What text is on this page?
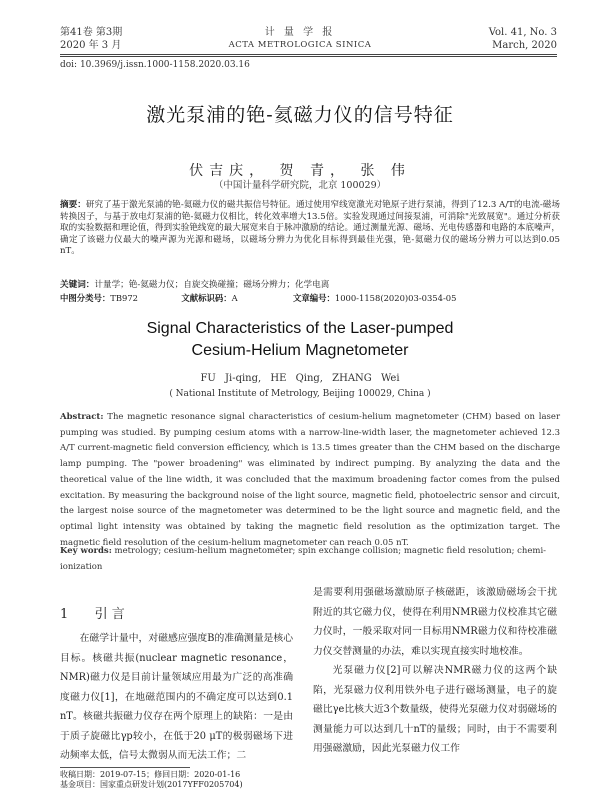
第41卷 第3期
2020 年 3 月
计 量 学 报
ACTA METROLOGICA SINICA
Vol. 41, No. 3
March, 2020
doi: 10.3969/j.issn.1000-1158.2020.03.16
激光泵浦的铯-氦磁力仪的信号特征
伏吉庆， 贺 青， 张 伟
（中国计量科学研究院，北京 100029）
摘要：研究了基于激光泵浦的铯-氦磁力仪的磁共振信号特征。通过使用窄线宽激光对铯原子进行泵浦，得到了12.3 A/T的电流-磁场转换因子，与基于放电灯泵浦的铯-氦磁力仪相比，转化效率增大13.5倍。实验发现通过间接泵浦，可消除"光致展宽"。通过分析获取的实验数据和理论值，得到实验铯线宽的最大展宽来自于脉冲激励的结论。通过测量光源、磁场、光电传感器和电路的本底噪声，确定了该磁力仪最大的噪声源为光源和磁场，以磁场分辨力为优化目标得到最佳光强，铯-氦磁力仪的磁场分辨力可以达到0.05 nT。
关键词：计量学；铯-氦磁力仪；自旋交换碰撞；磁场分辨力；化学电离
中图分类号：TB972	文献标识码：A	文章编号：1000-1158(2020)03-0354-05
Signal Characteristics of the Laser-pumped Cesium-Helium Magnetometer
FU Ji-qing, HE Qing, ZHANG Wei
( National Institute of Metrology, Beijing 100029, China )
Abstract: The magnetic resonance signal characteristics of cesium-helium magnetometer (CHM) based on laser pumping was studied. By pumping cesium atoms with a narrow-line-width laser, the magnetometer achieved 12.3 A/T current-magnetic field conversion efficiency, which is 13.5 times greater than the CHM based on the discharge lamp pumping. The "power broadening" was eliminated by indirect pumping. By analyzing the data and the theoretical value of the line width, it was concluded that the maximum broadening factor comes from the pulsed excitation. By measuring the background noise of the light source, magnetic field, photoelectric sensor and circuit, the largest noise source of the magnetometer was determined to be the light source and magnetic field, and the optimal light intensity was obtained by taking the magnetic field resolution as the optimization target. The magnetic field resolution of the cesium-helium magnetometer can reach 0.05 nT.
Key words: metrology; cesium-helium magnetometer; spin exchange collision; magnetic field resolution; chemi-ionization
1 引 言
在磁学计量中，对磁感应强度B的准确测量是核心目标。核磁共振(nuclear magnetic resonance，NMR)磁力仪是目前计量领域应用最为广泛的高准确度磁力仪[1]，在地磁范围内的不确定度可以达到0.1 nT。核磁共振磁力仪存在两个原理上的缺陷：一是由于质子旋磁比γp较小，在低于20 μT的极弱磁场下进动频率太低，信号太微弱从而无法工作；二

是需要利用强磁场激励原子核磁距，该激励磁场会干扰附近的其它磁力仪，使得在利用NMR磁力仪校准其它磁力仪时，一般采取对同一目标用NMR磁力仪和待校准磁力仪交替测量的办法，难以实现直接实时地校准。

光泵磁力仪[2]可以解决NMR磁力仪的这两个缺陷，光泵磁力仪利用铁外电子进行磁场测量，电子的旋磁比γe比核大近3个数量级，使得光泵磁力仪对弱磁场的测量能力可以达到几十nT的量级；同时，由于不需要利用强磁激励，因此光泵磁力仪工作

收稿日期：2019-07-15；修回日期：2020-01-16
基金项目：国家重点研发计划(2017YFF0205704)
